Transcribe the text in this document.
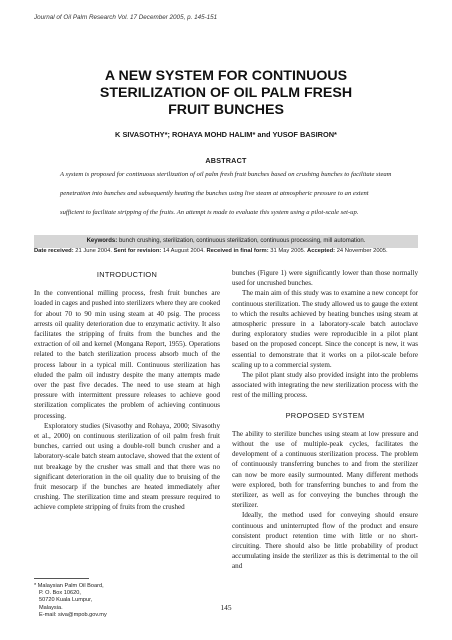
Journal of Oil Palm Research Vol. 17 December 2005, p. 145-151
A NEW SYSTEM FOR CONTINUOUS
STERILIZATION OF OIL PALM FRESH
FRUIT BUNCHES
K SIVASOTHY*; ROHAYA MOHD HALIM* and YUSOF BASIRON*
ABSTRACT
A system is proposed for continuous sterilization of oil palm fresh fruit bunches based on crushing bunches to facilitate steam penetration into bunches and subsequently heating the bunches using live steam at atmospheric pressure to an extent sufficient to facilitate stripping of the fruits. An attempt is made to evaluate this system using a pilot-scale set-up.
Keywords: bunch crushing, sterilization, continuous sterilization, continuous processing, mill automation.
Date received: 21 June 2004. Sent for revision: 14 August 2004. Received in final form: 31 May 2005. Accepted: 24 November 2005.
INTRODUCTION

In the conventional milling process, fresh fruit bunches are loaded in cages and pushed into sterilizers where they are cooked for about 70 to 90 min using steam at 40 psig. The process arrests oil quality deterioration due to enzymatic activity. It also facilitates the stripping of fruits from the bunches and the extraction of oil and kernel (Mongana Report, 1955). Operations related to the batch sterilization process absorb much of the process labour in a typical mill. Continuous sterilization has eluded the palm oil industry despite the many attempts made over the past five decades. The need to use steam at high pressure with intermittent pressure releases to achieve good sterilization complicates the problem of achieving continuous processing.

Exploratory studies (Sivasothy and Rohaya, 2000; Sivasothy et al., 2000) on continuous sterilization of oil palm fresh fruit bunches, carried out using a double-roll bunch crusher and a laboratory-scale batch steam autoclave, showed that the extent of nut breakage by the crusher was small and that there was no significant deterioration in the oil quality due to bruising of the fruit mesocarp if the bunches are heated immediately after crushing. The sterilization time and steam pressure required to achieve complete stripping of fruits from the crushed

bunches (Figure 1) were significantly lower than those normally used for uncrushed bunches.

The main aim of this study was to examine a new concept for continuous sterilization. The study allowed us to gauge the extent to which the results achieved by heating bunches using steam at atmospheric pressure in a laboratory-scale batch autoclave during exploratory studies were reproducible in a pilot plant based on the proposed concept. Since the concept is new, it was essential to demonstrate that it works on a pilot-scale before scaling up to a commercial system.

The pilot plant study also provided insight into the problems associated with integrating the new sterilization process with the rest of the milling process.

PROPOSED SYSTEM

The ability to sterilize bunches using steam at low pressure and without the use of multiple-peak cycles, facilitates the development of a continuous sterilization process. The problem of continuously transferring bunches to and from the sterilizer can now be more easily surmounted. Many different methods were explored, both for transferring bunches to and from the sterilizer, as well as for conveying the bunches through the sterilizer.

Ideally, the method used for conveying should ensure continuous and uninterrupted flow of the product and ensure consistent product retention time with little or no short-circuiting. There should also be little probability of product accumulating inside the sterilizer as this is detrimental to the oil and

* Malaysian Palm Oil Board,
P. O. Box 10620,
50720 Kuala Lumpur,
Malaysia.
E-mail: siva@mpob.gov.my
145
